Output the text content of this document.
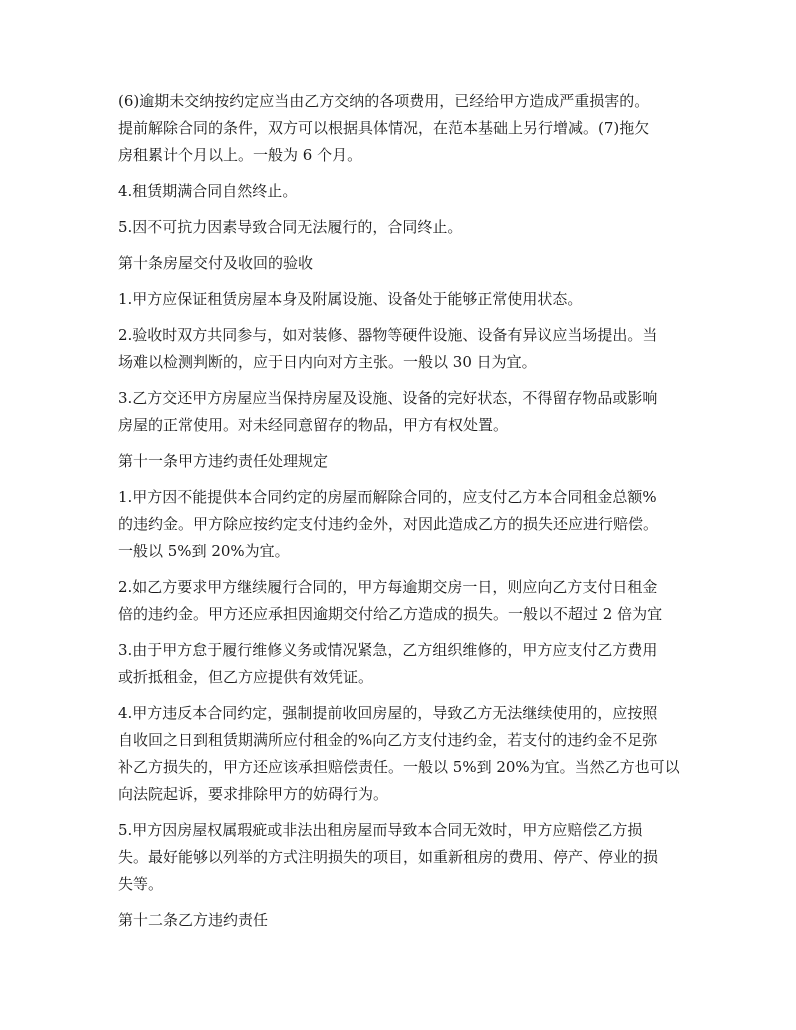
(6)逾期未交纳按约定应当由乙方交纳的各项费用，已经给甲方造成严重损害的。
提前解除合同的条件，双方可以根据具体情况，在范本基础上另行增减。(7)拖欠
房租累计个月以上。一般为 6 个月。

4.租赁期满合同自然终止。

5.因不可抗力因素导致合同无法履行的，合同终止。

第十条房屋交付及收回的验收

1.甲方应保证租赁房屋本身及附属设施、设备处于能够正常使用状态。

2.验收时双方共同参与，如对装修、器物等硬件设施、设备有异议应当场提出。当
场难以检测判断的，应于日内向对方主张。一般以 30 日为宜。

3.乙方交还甲方房屋应当保持房屋及设施、设备的完好状态，不得留存物品或影响
房屋的正常使用。对未经同意留存的物品，甲方有权处置。

第十一条甲方违约责任处理规定

1.甲方因不能提供本合同约定的房屋而解除合同的，应支付乙方本合同租金总额%
的违约金。甲方除应按约定支付违约金外，对因此造成乙方的损失还应进行赔偿。
一般以 5%到 20%为宜。

2.如乙方要求甲方继续履行合同的，甲方每逾期交房一日，则应向乙方支付日租金
倍的违约金。甲方还应承担因逾期交付给乙方造成的损失。一般以不超过 2 倍为宜

3.由于甲方怠于履行维修义务或情况紧急，乙方组织维修的，甲方应支付乙方费用
或折抵租金，但乙方应提供有效凭证。

4.甲方违反本合同约定，强制提前收回房屋的，导致乙方无法继续使用的，应按照
自收回之日到租赁期满所应付租金的%向乙方支付违约金，若支付的违约金不足弥
补乙方损失的，甲方还应该承担赔偿责任。一般以 5%到 20%为宜。当然乙方也可以
向法院起诉，要求排除甲方的妨碍行为。

5.甲方因房屋权属瑕疵或非法出租房屋而导致本合同无效时，甲方应赔偿乙方损
失。最好能够以列举的方式注明损失的项目，如重新租房的费用、停产、停业的损
失等。

第十二条乙方违约责任
